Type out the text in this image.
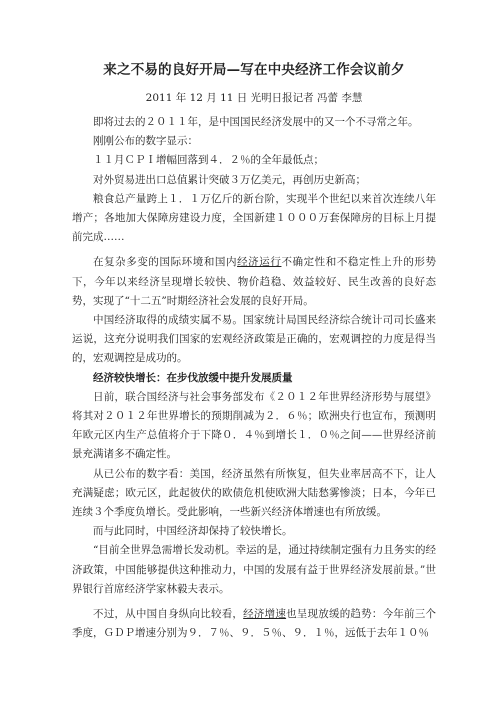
来之不易的良好开局—写在中央经济工作会议前夕
2011 年 12 月 11 日 光明日报记者 冯蕾 李慧

即将过去的２０１１年，是中国国民经济发展中的又一个不寻常之年。

刚刚公布的数字显示：

１１月ＣＰＩ增幅回落到４．２％的全年最低点；

对外贸易进出口总值累计突破３万亿美元，再创历史新高；

粮食总产量跨上１．１万亿斤的新台阶，实现半个世纪以来首次连续八年增产；各地加大保障房建设力度，全国新建１０００万套保障房的目标上月提前完成……

在复杂多变的国际环境和国内经济运行不确定性和不稳定性上升的形势下，今年以来经济呈现增长较快、物价趋稳、效益较好、民生改善的良好态势，实现了“十二五”时期经济社会发展的良好开局。

中国经济取得的成绩实属不易。国家统计局国民经济综合统计司司长盛来运说，这充分说明我们国家的宏观经济政策是正确的，宏观调控的力度是得当的，宏观调控是成功的。

经济较快增长：在步伐放缓中提升发展质量

日前，联合国经济与社会事务部发布《２０１２年世界经济形势与展望》将其对２０１２年世界增长的预期削减为２．６％；欧洲央行也宣布，预测明年欧元区内生产总值将介于下降０．４％到增长１．０％之间——世界经济前景充满诸多不确定性。

从已公布的数字看：美国，经济虽然有所恢复，但失业率居高不下，让人充满疑虑；欧元区，此起彼伏的欧债危机使欧洲大陆愁雾惨淡；日本，今年已连续３个季度负增长。受此影响，一些新兴经济体增速也有所放缓。

而与此同时，中国经济却保持了较快增长。

“目前全世界急需增长发动机。幸运的是，通过持续制定强有力且务实的经济政策，中国能够提供这种推动力，中国的发展有益于世界经济发展前景。”世界银行首席经济学家林毅夫表示。

不过，从中国自身纵向比较看，经济增速也呈现放缓的趋势：今年前三个季度，ＧＤＰ增速分别为９．７％、９．５％、９．１％，远低于去年１０％
